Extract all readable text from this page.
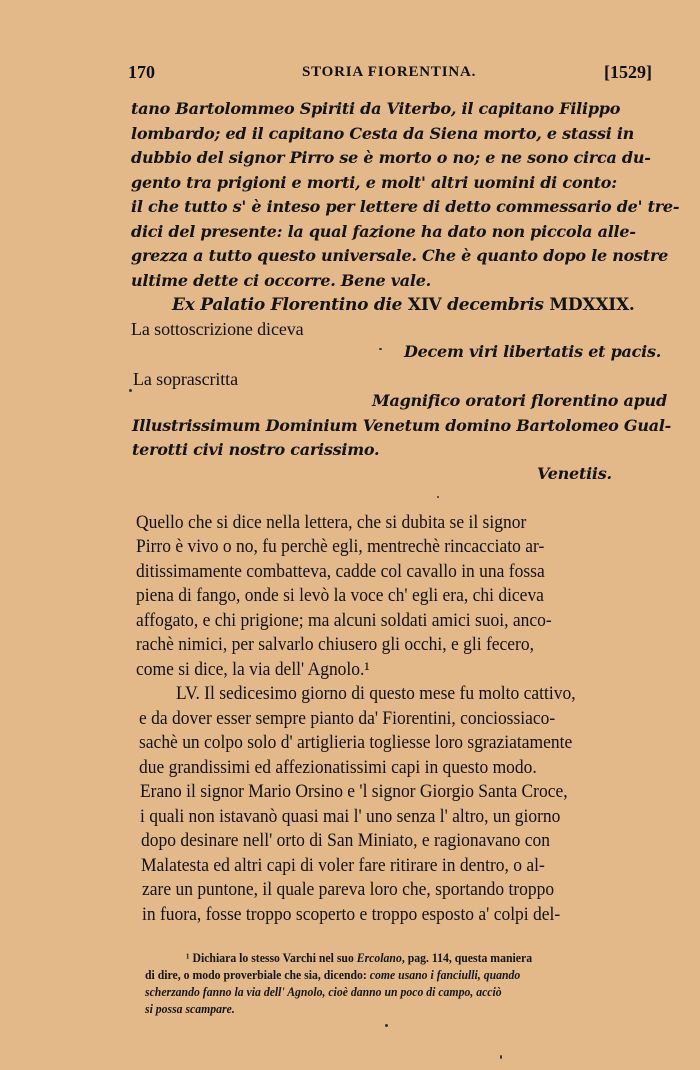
170	STORIA FIORENTINA.	[1529]
tano Bartolommeo Spiriti da Viterbo, il capitano Filippo
lombardo; ed il capitano Cesta da Siena morto, e stassi in
dubbio del signor Pirro se è morto o no; e ne sono circa du-
gento tra prigioni e morti, e molt' altri uomini di conto:
il che tutto s' è inteso per lettere di detto commessario de' tre-
dici del presente: la qual fazione ha dato non piccola alle-
grezza a tutto questo universale. Che è quanto dopo le nostre
ultime dette ci occorre. Bene vale.
Ex Palatio Florentino die XIV decembris MDXXIX.
La sottoscrizione diceva
Decem viri libertatis et pacis.
La soprascritta
Magnifico oratori florentino apud
Illustrissimum Dominium Venetum domino Bartolomeo Gual-
terotti civi nostro carissimo.
Venetiis.
Quello che si dice nella lettera, che si dubita se il signor
Pirro è vivo o no, fu perchè egli, mentrechè rincacciato ar-
ditissimamente combatteva, cadde col cavallo in una fossa
piena di fango, onde si levò la voce ch' egli era, chi diceva
affogato, e chi prigione; ma alcuni soldati amici suoi, anco-
rachè nimici, per salvarlo chiusero gli occhi, e gli fecero,
come si dice, la via dell' Agnolo.¹
LV. Il sedicesimo giorno di questo mese fu molto cattivo,
e da dover esser sempre pianto da' Fiorentini, conciossiaco-
sachè un colpo solo d' artiglieria togliesse loro sgraziatamente
due grandissimi ed affezionatissimi capi in questo modo.
Erano il signor Mario Orsino e 'l signor Giorgio Santa Croce,
i quali non istavanò quasi mai l' uno senza l' altro, un giorno
dopo desinare nell' orto di San Miniato, e ragionavano con
Malatesta ed altri capi di voler fare ritirare in dentro, o al-
zare un puntone, il quale pareva loro che, sportando troppo
in fuora, fosse troppo scoperto e troppo esposto a' colpi del-
¹ Dichiara lo stesso Varchi nel suo Ercolano, pag. 114, questa maniera
di dire, o modo proverbiale che sia, dicendo: come usano i fanciulli, quando
scherzando fanno la via dell' Agnolo, cioè danno un poco di campo, acciò
si possa scampare.
